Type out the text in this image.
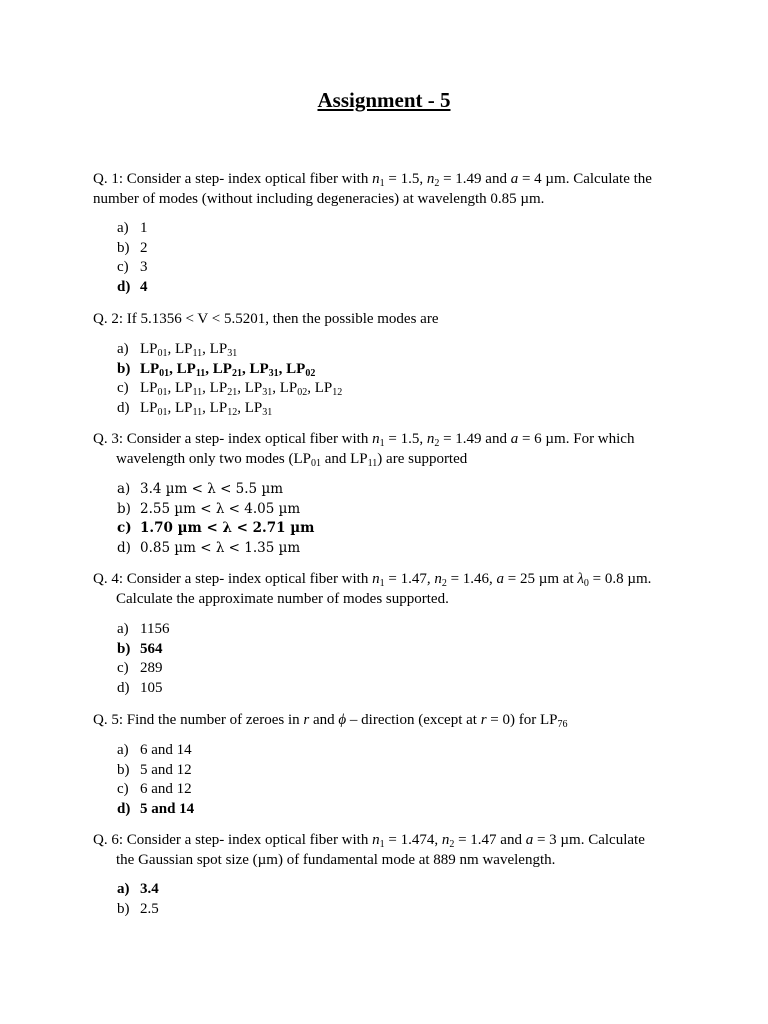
Assignment - 5
Q. 1: Consider a step- index optical fiber with $n_1 = 1.5$, $n_2 = 1.49$ and a = 4 µm. Calculate the
number of modes (without including degeneracies) at wavelength 0.85 µm.
a) 1
b) 2
c) 3
d) 4
Q. 2: If 5.1356 < V < 5.5201, then the possible modes are
a) $LP_{01}$, $LP_{11}$, $LP_{31}$
b) $LP_{01}$, $LP_{11}$, $LP_{21}$, $LP_{31}$, $LP_{02}$
c) $LP_{01}$, $LP_{11}$, $LP_{21}$, $LP_{31}$, $LP_{02}$, $LP_{12}$
d) $LP_{01}$, $LP_{11}$, $LP_{12}$, $LP_{31}$
Q. 3: Consider a step- index optical fiber with $n_1 = 1.5$, $n_2 = 1.49$ and a = 6 µm. For which

wavelength only two modes ($LP_{01}$ and $LP_{11}$) are supported
a) 3.4 µm < λ < 5.5 µm
b) 2.55 µm < λ < 4.05 µm
c) 1.70 µm < λ < 2.71 µm
d) 0.85 µm < λ < 1.35 µm
Q. 4: Consider a step- index optical fiber with $n_1 = 1.47$, $n_2 = 1.46$, a = 25 µm at $\lambda_0 = 0.8$ µm.

Calculate the approximate number of modes supported.
a) 1156
b) 564
c) 289
d) 105
Q. 5: Find the number of zeroes in r and ϕ – direction (except at r = 0) for $LP_{76}$
a) 6 and 14
b) 5 and 12
c) 6 and 12
d) 5 and 14
Q. 6: Consider a step- index optical fiber with $n_1 = 1.474$, $n_2 = 1.47$ and a = 3 µm. Calculate

the Gaussian spot size (µm) of fundamental mode at 889 nm wavelength.
a) 3.4
b) 2.5
